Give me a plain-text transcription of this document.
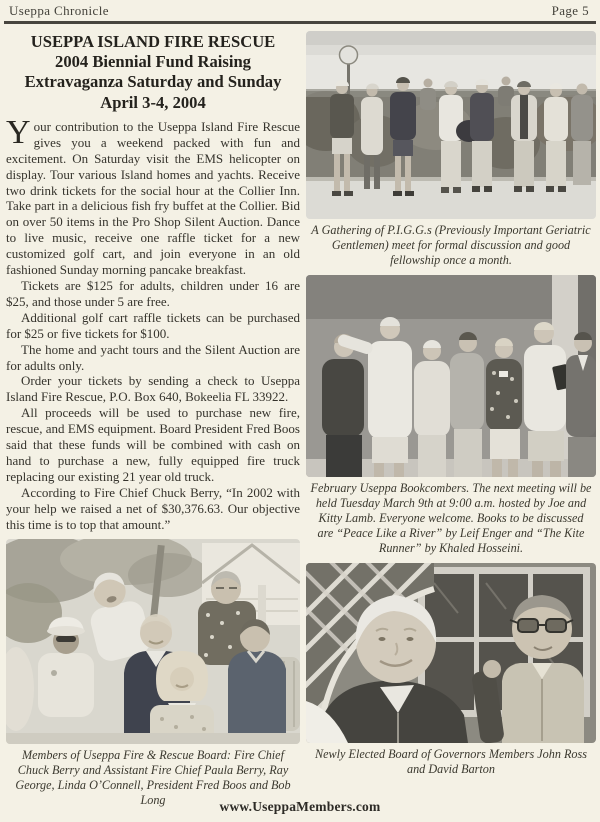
Useppa Chronicle	Page 5
USEPPA ISLAND FIRE RESCUE
2004 Biennial Fund Raising
Extravaganza Saturday and Sunday
April 3-4, 2004

Your contribution to the Useppa Island Fire Rescue gives you a weekend packed with fun and excitement. On Saturday visit the EMS helicopter on display. Tour various Island homes and yachts. Receive two drink tickets for the social hour at the Collier Inn. Take part in a delicious fish fry buffet at the Collier. Bid on over 50 items in the Pro Shop Silent Auction. Dance to live music, receive one raffle ticket for a new customized golf cart, and join everyone in an old fashioned Sunday morning pancake breakfast.

Tickets are $125 for adults, children under 16 are $25, and those under 5 are free.

Additional golf cart raffle tickets can be purchased for $25 or five tickets for $100.

The home and yacht tours and the Silent Auction are for adults only.

Order your tickets by sending a check to Useppa Island Fire Rescue, P.O. Box 640, Bokeelia FL 33922.

All proceeds will be used to purchase new fire, rescue, and EMS equipment. Board President Fred Boos said that these funds will be combined with cash on hand to purchase a new, fully equipped fire truck replacing our existing 21 year old truck.

According to Fire Chief Chuck Berry, “In 2002 with your help we raised a net of $30,376.63. Our objective this time is to top that amount.”

Members of Useppa Fire & Rescue Board: Fire Chief Chuck Berry and Assistant Fire Chief Paula Berry, Ray George, Linda O’Connell, President Fred Boos and Bob Long
A Gathering of P.I.G.G.s (Previously Important Geriatric Gentlemen) meet for formal discussion and good fellowship once a month.
February Useppa Bookcombers. The next meeting will be held Tuesday March 9th at 9:00 a.m. hosted by Joe and Kitty Lamb. Everyone welcome. Books to be discussed are “Peace Like a River” by Leif Enger and “The Kite Runner” by Khaled Hosseini.
Newly Elected Board of Governors Members John Ross and David Barton
www.UseppaMembers.com
